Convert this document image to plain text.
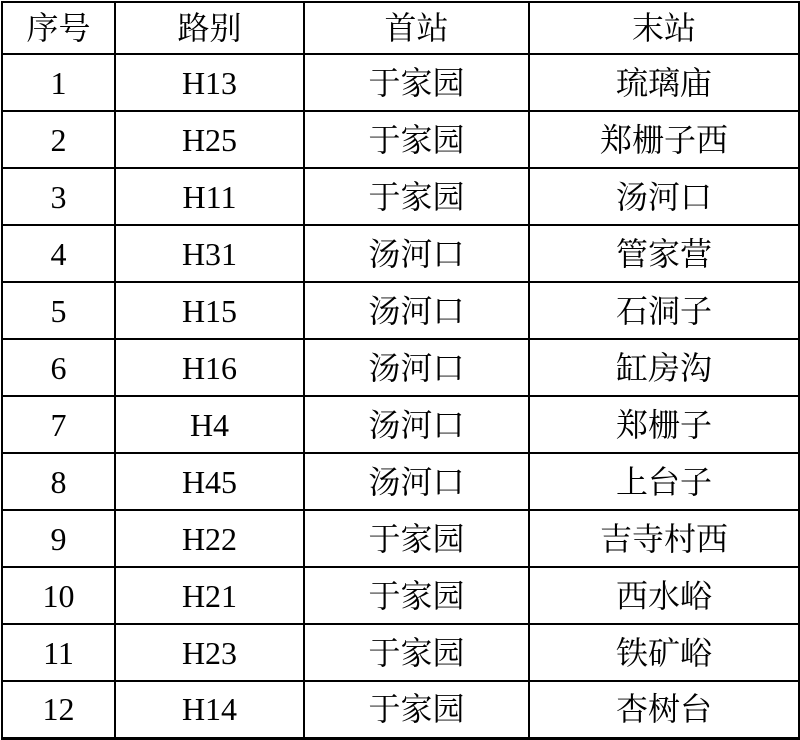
序号	路别	首站	末站
1	H13	于家园	琉璃庙
2	H25	于家园	郑栅子西
3	H11	于家园	汤河口
4	H31	汤河口	管家营
5	H15	汤河口	石洞子
6	H16	汤河口	缸房沟
7	H4	汤河口	郑栅子
8	H45	汤河口	上台子
9	H22	于家园	吉寺村西
10	H21	于家园	西水峪
11	H23	于家园	铁矿峪
12	H14	于家园	杏树台
